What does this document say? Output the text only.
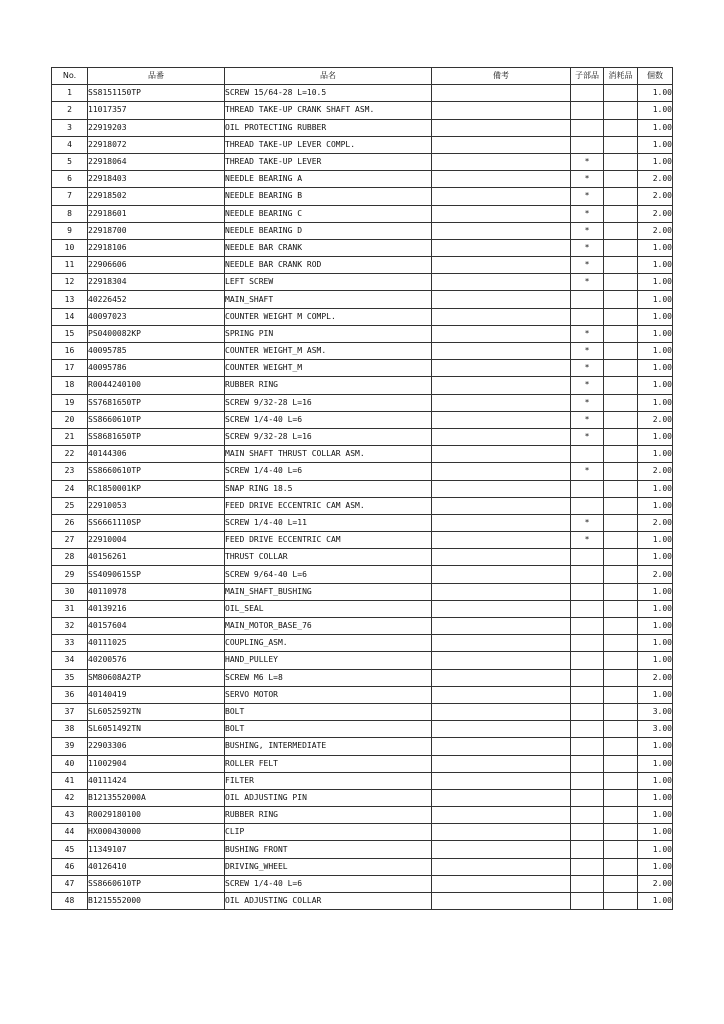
No.	品番	品名	備考	子部品	消耗品	個数
1	SS8151150TP	SCREW 15/64-28 L=10.5				1.00
2	11017357	THREAD TAKE-UP CRANK SHAFT ASM.				1.00
3	22919203	OIL PROTECTING RUBBER				1.00
4	22918072	THREAD TAKE-UP LEVER COMPL.				1.00
5	22918064	THREAD TAKE-UP LEVER		*		1.00
6	22918403	NEEDLE BEARING A		*		2.00
7	22918502	NEEDLE BEARING B		*		2.00
8	22918601	NEEDLE BEARING C		*		2.00
9	22918700	NEEDLE BEARING D		*		2.00
10	22918106	NEEDLE BAR CRANK		*		1.00
11	22906606	NEEDLE BAR CRANK ROD		*		1.00
12	22918304	LEFT SCREW		*		1.00
13	40226452	MAIN_SHAFT				1.00
14	40097023	COUNTER WEIGHT M COMPL.				1.00
15	PS0400082KP	SPRING PIN		*		1.00
16	40095785	COUNTER WEIGHT_M ASM.		*		1.00
17	40095786	COUNTER WEIGHT_M		*		1.00
18	R0044240100	RUBBER RING		*		1.00
19	SS7681650TP	SCREW 9/32-28 L=16		*		1.00
20	SS8660610TP	SCREW 1/4-40 L=6		*		2.00
21	SS8681650TP	SCREW 9/32-28 L=16		*		1.00
22	40144306	MAIN SHAFT THRUST COLLAR ASM.				1.00
23	SS8660610TP	SCREW 1/4-40 L=6		*		2.00
24	RC1850001KP	SNAP RING 18.5				1.00
25	22910053	FEED DRIVE ECCENTRIC CAM ASM.				1.00
26	SS6661110SP	SCREW 1/4-40 L=11		*		2.00
27	22910004	FEED DRIVE ECCENTRIC CAM		*		1.00
28	40156261	THRUST COLLAR				1.00
29	SS4090615SP	SCREW 9/64-40 L=6				2.00
30	40110978	MAIN_SHAFT_BUSHING				1.00
31	40139216	OIL_SEAL				1.00
32	40157604	MAIN_MOTOR_BASE_76				1.00
33	40111025	COUPLING_ASM.				1.00
34	40200576	HAND_PULLEY				1.00
35	SM80608A2TP	SCREW M6 L=8				2.00
36	40140419	SERVO MOTOR				1.00
37	SL6052592TN	BOLT				3.00
38	SL6051492TN	BOLT				3.00
39	22903306	BUSHING, INTERMEDIATE				1.00
40	11002904	ROLLER FELT				1.00
41	40111424	FILTER				1.00
42	B1213552000A	OIL ADJUSTING PIN				1.00
43	R0029180100	RUBBER RING				1.00
44	HX000430000	CLIP				1.00
45	11349107	BUSHING FRONT				1.00
46	40126410	DRIVING_WHEEL				1.00
47	SS8660610TP	SCREW 1/4-40 L=6				2.00
48	B1215552000	OIL ADJUSTING COLLAR				1.00
